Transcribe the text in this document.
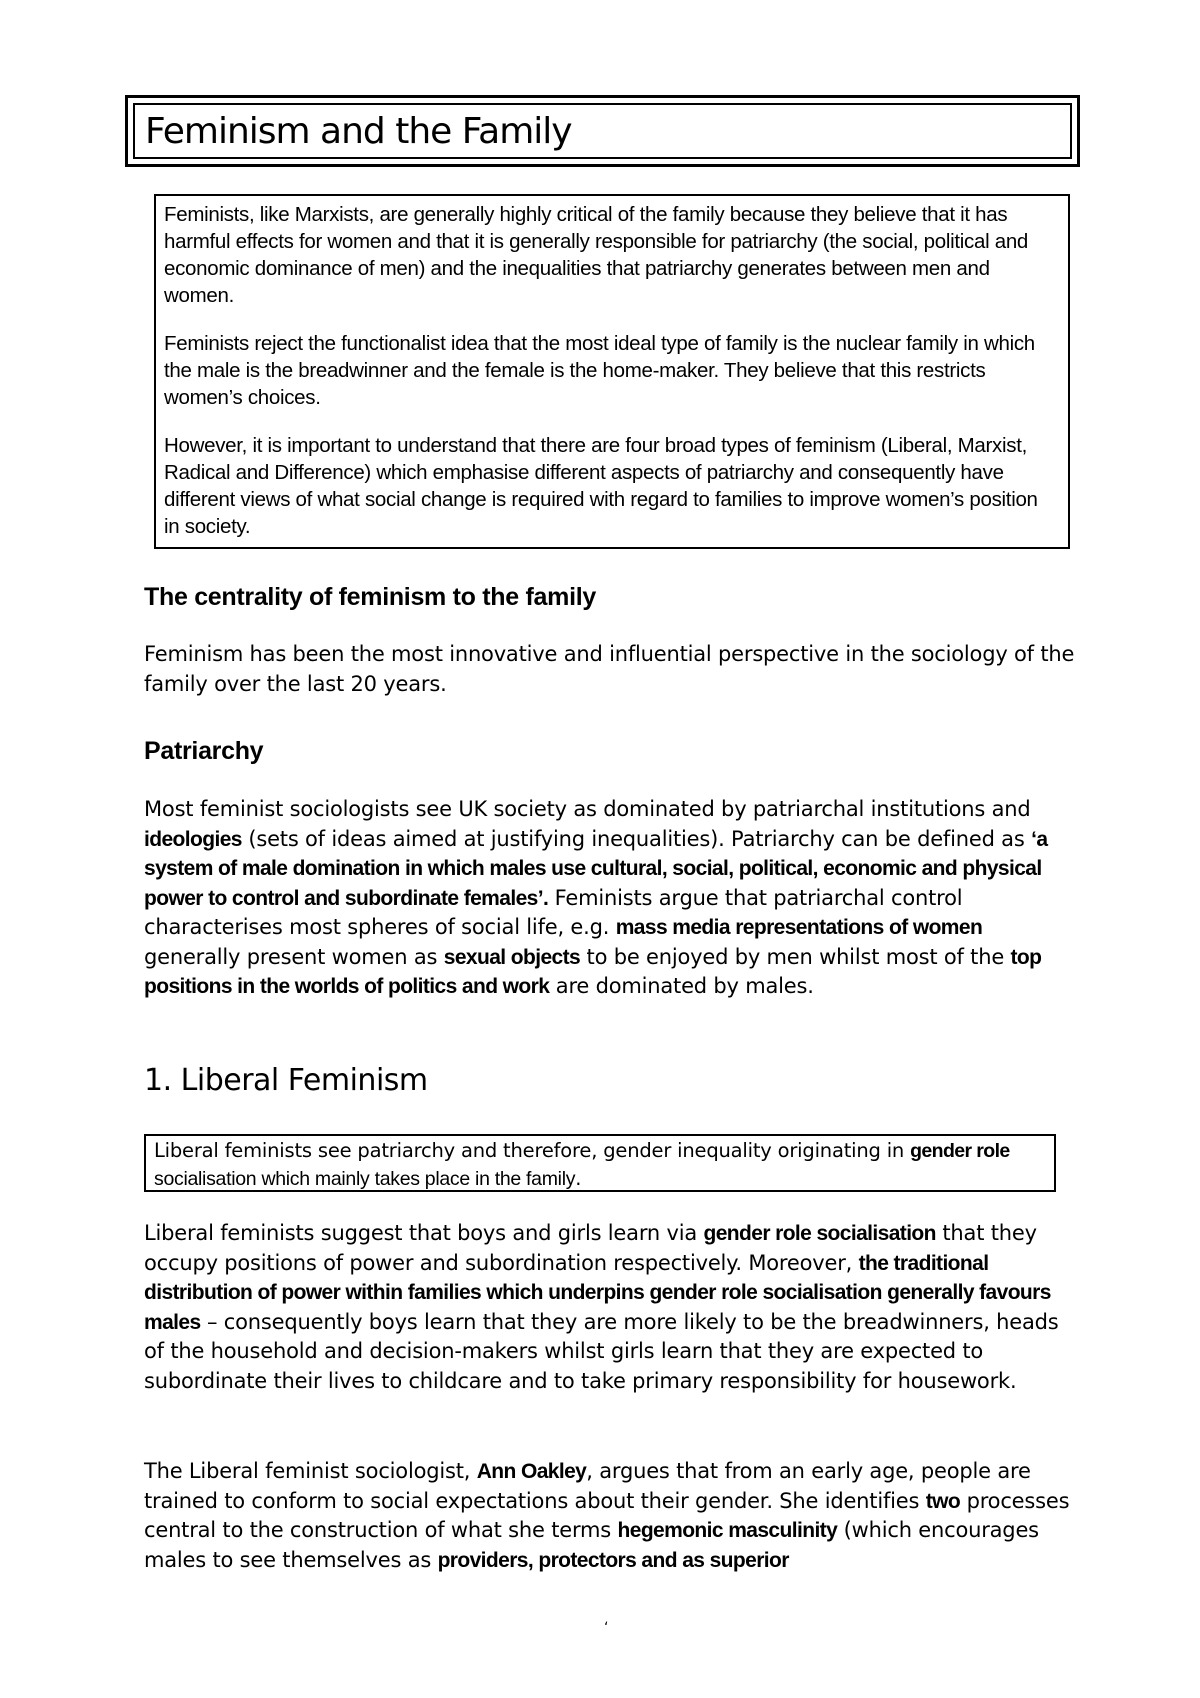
Feminism and the Family

Feminists, like Marxists, are generally highly critical of the family because they believe that it has harmful effects for women and that it is generally responsible for patriarchy (the social, political and economic dominance of men) and the inequalities that patriarchy generates between men and women.

Feminists reject the functionalist idea that the most ideal type of family is the nuclear family in which the male is the breadwinner and the female is the home-maker. They believe that this restricts women’s choices.

However, it is important to understand that there are four broad types of feminism (Liberal, Marxist, Radical and Difference) which emphasise different aspects of patriarchy and consequently have different views of what social change is required with regard to families to improve women’s position in society.

The centrality of feminism to the family

Feminism has been the most innovative and influential perspective in the sociology of the family over the last 20 years.

Patriarchy

Most feminist sociologists see UK society as dominated by patriarchal institutions and ideologies (sets of ideas aimed at justifying inequalities). Patriarchy can be defined as ‘a system of male domination in which males use cultural, social, political, economic and physical power to control and subordinate females’. Feminists argue that patriarchal control characterises most spheres of social life, e.g. mass media representations of women generally present women as sexual objects to be enjoyed by men whilst most of the top positions in the worlds of politics and work are dominated by males.

1. Liberal Feminism
Liberal feminists see patriarchy and therefore, gender inequality originating in gender role
socialisation which mainly takes place in the family.

Liberal feminists suggest that boys and girls learn via gender role socialisation that they occupy positions of power and subordination respectively. Moreover, the traditional distribution of power within families which underpins gender role socialisation generally favours males – consequently boys learn that they are more likely to be the breadwinners, heads of the household and decision-makers whilst girls learn that they are expected to subordinate their lives to childcare and to take primary responsibility for housework.

The Liberal feminist sociologist, Ann Oakley, argues that from an early age, people are trained to conform to social expectations about their gender. She identifies two processes central to the construction of what she terms hegemonic masculinity (which encourages males to see themselves as providers, protectors and as superior

‘
